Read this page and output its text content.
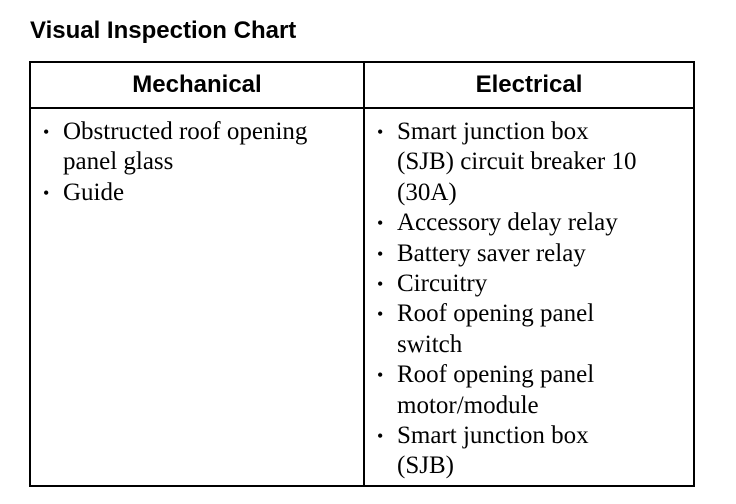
Visual Inspection Chart
Mechanical	Electrical
• Obstructed roof opening
panel glass
• Guide
• Smart junction box
(SJB) circuit breaker 10
(30A)
• Accessory delay relay
• Battery saver relay
• Circuitry
• Roof opening panel
switch
• Roof opening panel
motor/module
• Smart junction box
(SJB)
